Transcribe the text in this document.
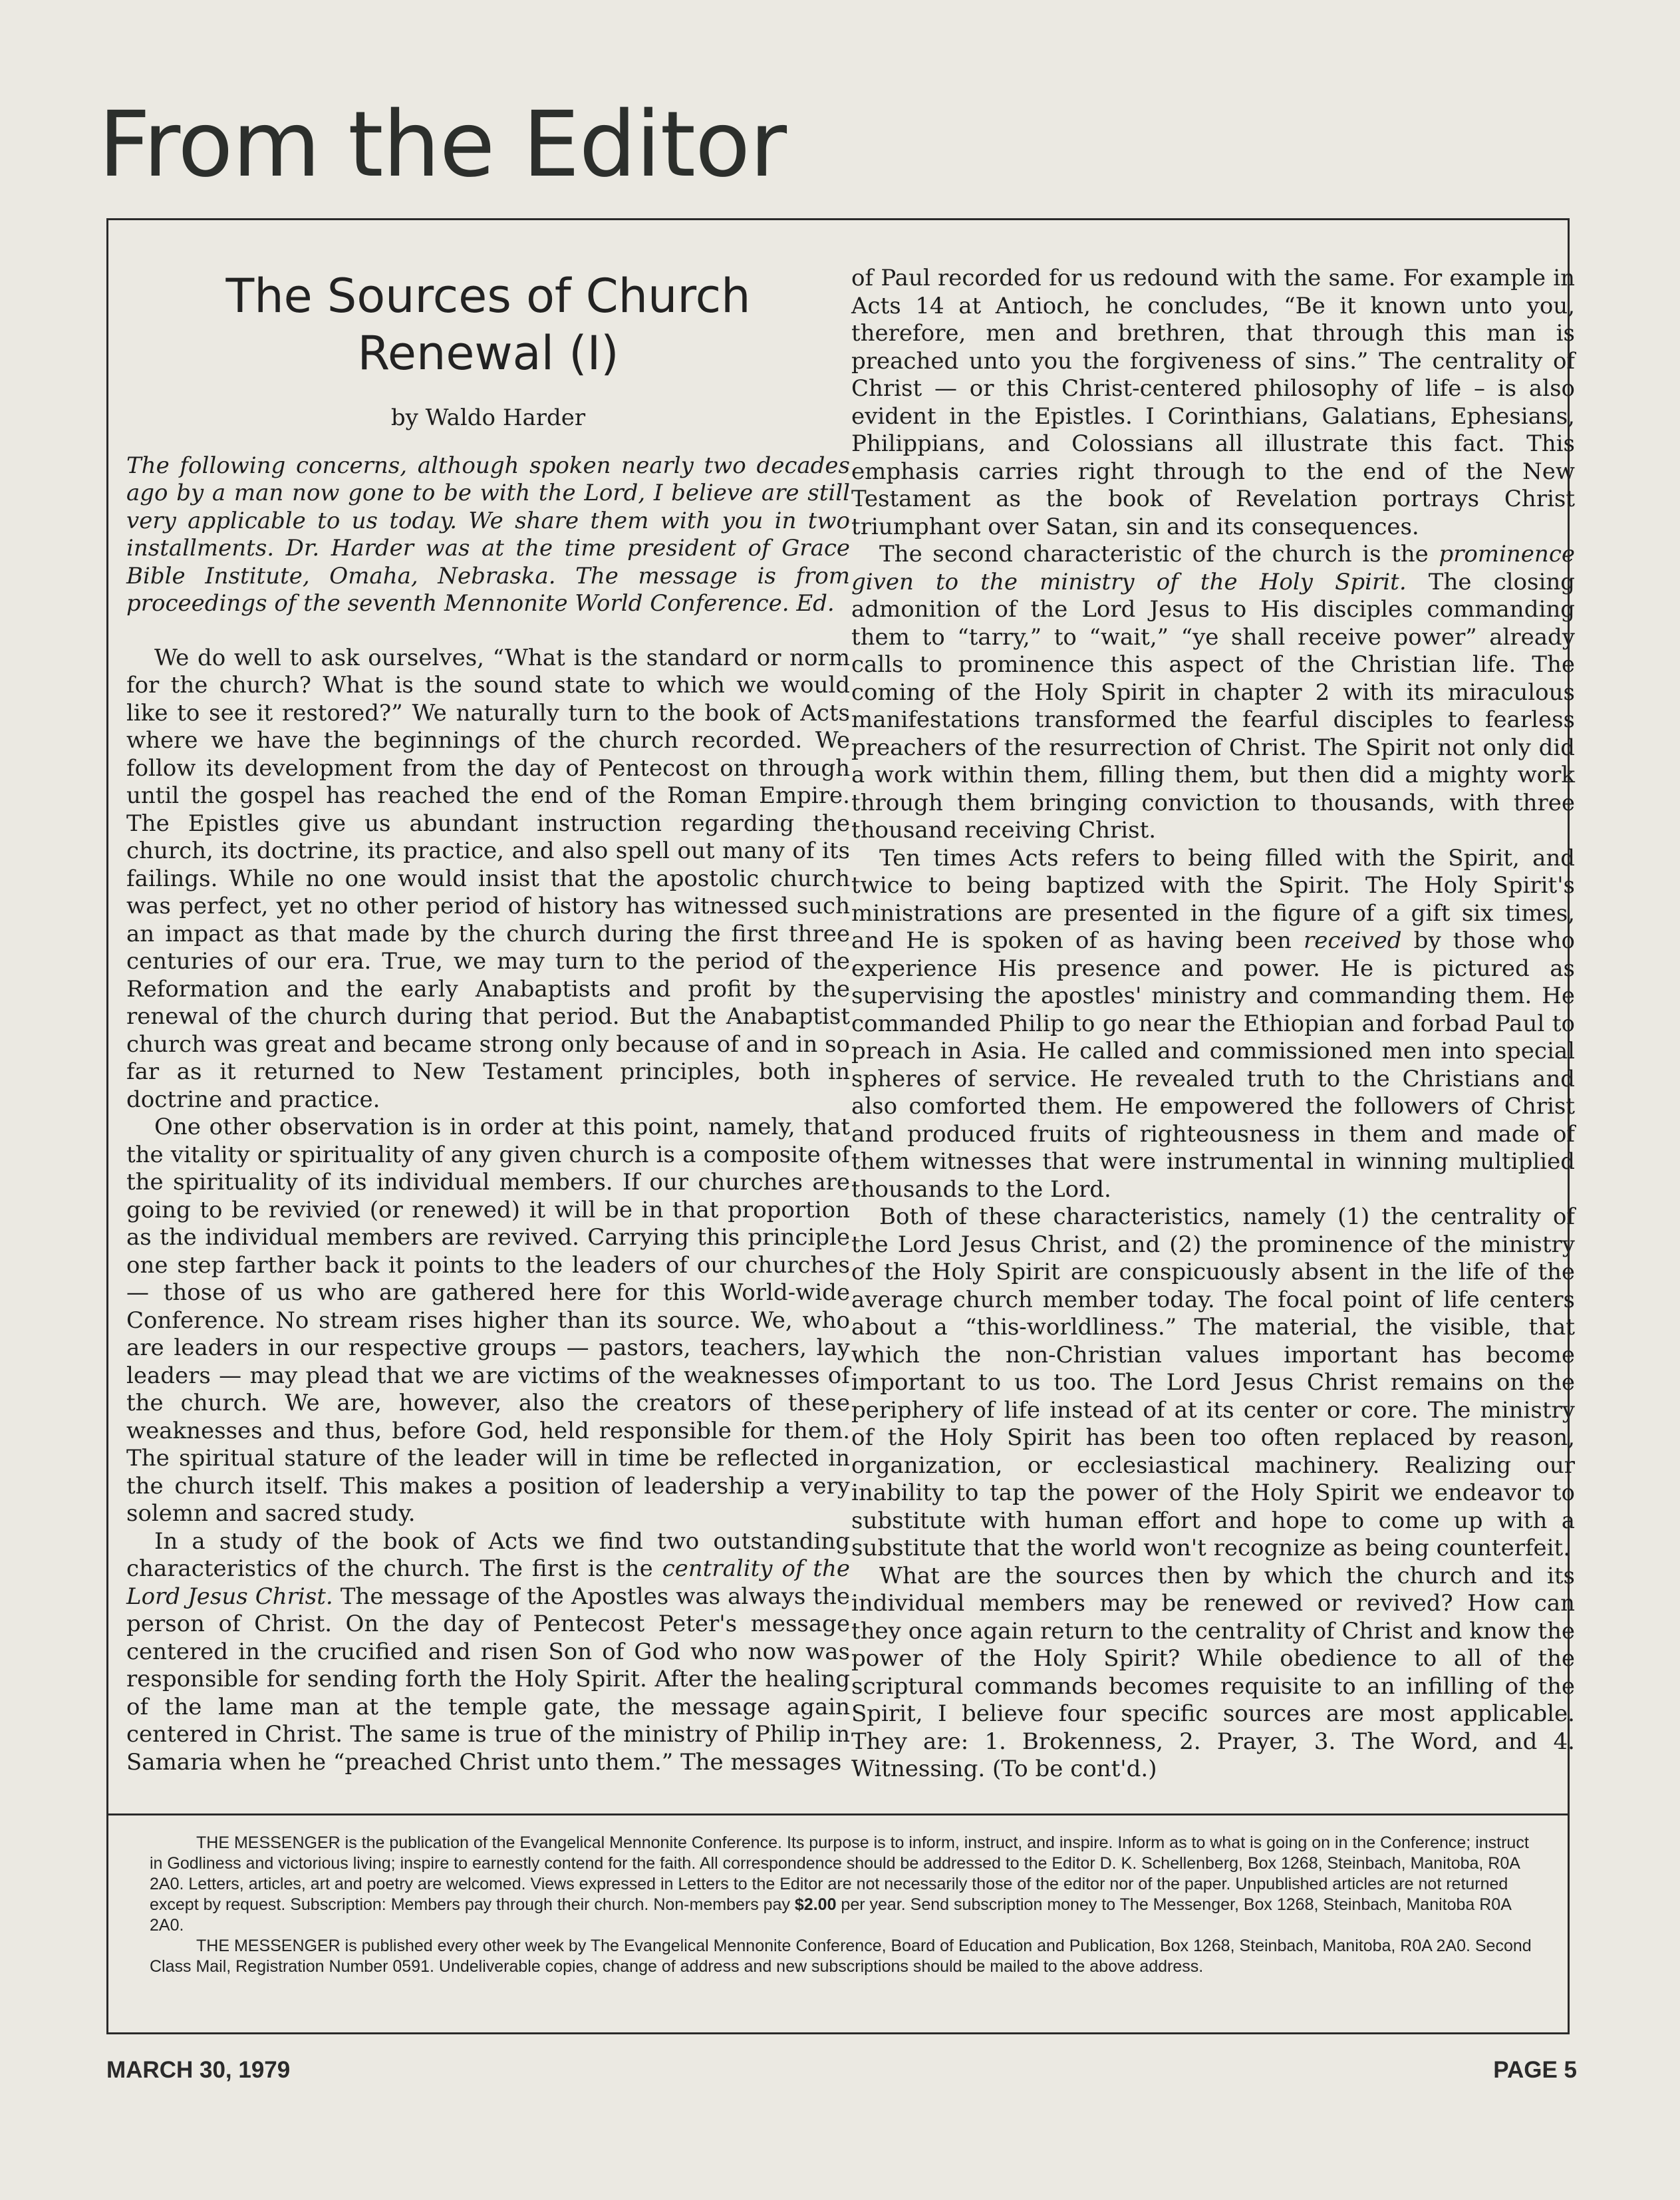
From the Editor
The Sources of Church
Renewal (I)
by Waldo Harder

The following concerns, although spoken nearly two decades ago by a man now gone to be with the Lord, I believe are still very applicable to us today. We share them with you in two installments. Dr. Harder was at the time president of Grace Bible Institute, Omaha, Nebraska. The message is from proceedings of the seventh Mennonite World Conference. Ed.

We do well to ask ourselves, “What is the standard or norm for the church? What is the sound state to which we would like to see it restored?” We naturally turn to the book of Acts where we have the beginnings of the church recorded. We follow its development from the day of Pentecost on through until the gospel has reached the end of the Roman Empire. The Epistles give us abundant instruction regarding the church, its doctrine, its practice, and also spell out many of its failings. While no one would insist that the apostolic church was perfect, yet no other period of history has witnessed such an impact as that made by the church during the first three centuries of our era. True, we may turn to the period of the Reformation and the early Anabaptists and profit by the renewal of the church during that period. But the Anabaptist church was great and became strong only because of and in so far as it returned to New Testament principles, both in doctrine and practice.

One other observation is in order at this point, namely, that the vitality or spirituality of any given church is a composite of the spirituality of its individual members. If our churches are going to be revivied (or renewed) it will be in that proportion as the individual members are revived. Carrying this principle one step farther back it points to the leaders of our churches — those of us who are gathered here for this World-wide Conference. No stream rises higher than its source. We, who are leaders in our respective groups — pastors, teachers, lay leaders — may plead that we are victims of the weaknesses of the church. We are, however, also the creators of these weaknesses and thus, before God, held responsible for them. The spiritual stature of the leader will in time be reflected in the church itself. This makes a position of leadership a very solemn and sacred study.

In a study of the book of Acts we find two outstanding characteristics of the church. The first is the centrality of the Lord Jesus Christ. The message of the Apostles was always the person of Christ. On the day of Pentecost Peter's message centered in the crucified and risen Son of God who now was responsible for sending forth the Holy Spirit. After the healing of the lame man at the temple gate, the message again centered in Christ. The same is true of the ministry of Philip in Samaria when he “preached Christ unto them.” The messages

of Paul recorded for us redound with the same. For example in Acts 14 at Antioch, he concludes, “Be it known unto you, therefore, men and brethren, that through this man is preached unto you the forgiveness of sins.” The centrality of Christ — or this Christ-centered philosophy of life – is also evident in the Epistles. I Corinthians, Galatians, Ephesians, Philippians, and Colossians all illustrate this fact. This emphasis carries right through to the end of the New Testament as the book of Revelation portrays Christ triumphant over Satan, sin and its consequences.

The second characteristic of the church is the prominence given to the ministry of the Holy Spirit. The closing admonition of the Lord Jesus to His disciples commanding them to “tarry,” to “wait,” “ye shall receive power” already calls to prominence this aspect of the Christian life. The coming of the Holy Spirit in chapter 2 with its miraculous manifestations transformed the fearful disciples to fearless preachers of the resurrection of Christ. The Spirit not only did a work within them, filling them, but then did a mighty work through them bringing conviction to thousands, with three thousand receiving Christ.

Ten times Acts refers to being filled with the Spirit, and twice to being baptized with the Spirit. The Holy Spirit's ministrations are presented in the figure of a gift six times, and He is spoken of as having been received by those who experience His presence and power. He is pictured as supervising the apostles' ministry and commanding them. He commanded Philip to go near the Ethiopian and forbad Paul to preach in Asia. He called and commissioned men into special spheres of service. He revealed truth to the Christians and also comforted them. He empowered the followers of Christ and produced fruits of righteousness in them and made of them witnesses that were instrumental in winning multiplied thousands to the Lord.

Both of these characteristics, namely (1) the centrality of the Lord Jesus Christ, and (2) the prominence of the ministry of the Holy Spirit are conspicuously absent in the life of the average church member today. The focal point of life centers about a “this-worldliness.” The material, the visible, that which the non-Christian values important has become important to us too. The Lord Jesus Christ remains on the periphery of life instead of at its center or core. The ministry of the Holy Spirit has been too often replaced by reason, organization, or ecclesiastical machinery. Realizing our inability to tap the power of the Holy Spirit we endeavor to substitute with human effort and hope to come up with a substitute that the world won't recognize as being counterfeit.

What are the sources then by which the church and its individual members may be renewed or revived? How can they once again return to the centrality of Christ and know the power of the Holy Spirit? While obedience to all of the scriptural commands becomes requisite to an infilling of the Spirit, I believe four specific sources are most applicable. They are: 1. Brokenness, 2. Prayer, 3. The Word, and 4. Witnessing. (To be cont'd.)

THE MESSENGER is the publication of the Evangelical Mennonite Conference. Its purpose is to inform, instruct, and inspire. Inform as to what is going on in the Conference; instruct in Godliness and victorious living; inspire to earnestly contend for the faith. All correspondence should be addressed to the Editor D. K. Schellenberg, Box 1268, Steinbach, Manitoba, R0A 2A0. Letters, articles, art and poetry are welcomed. Views expressed in Letters to the Editor are not necessarily those of the editor nor of the paper. Unpublished articles are not returned except by request. Subscription: Members pay through their church. Non-members pay $2.00 per year. Send subscription money to The Messenger, Box 1268, Steinbach, Manitoba R0A 2A0.

THE MESSENGER is published every other week by The Evangelical Mennonite Conference, Board of Education and Publication, Box 1268, Steinbach, Manitoba, R0A 2A0. Second Class Mail, Registration Number 0591. Undeliverable copies, change of address and new subscriptions should be mailed to the above address.

MARCH 30, 1979	PAGE 5
